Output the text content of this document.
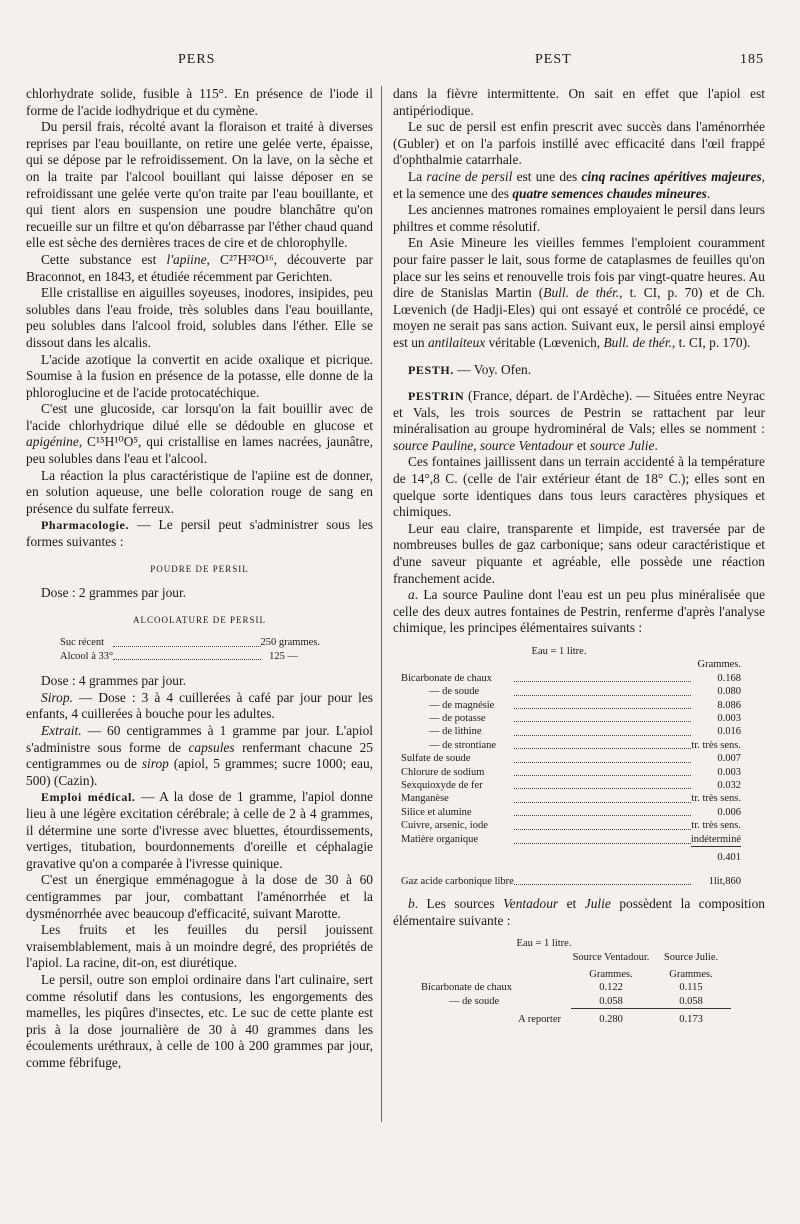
PERS	PEST	185

chlorhydrate solide, fusible à 115°. En présence de l'iode il forme de l'acide iodhydrique et du cymène.

Du persil frais, récolté avant la floraison et traité à diverses reprises par l'eau bouillante, on retire une gelée verte, épaisse, qui se dépose par le refroidissement. On la lave, on la sèche et on la traite par l'alcool bouillant qui laisse déposer en se refroidissant une gelée verte qu'on traite par l'eau bouillante, et qui tient alors en suspension une poudre blanchâtre qu'on recueille sur un filtre et qu'on débarrasse par l'éther chaud quand elle est sèche des dernières traces de cire et de chlorophylle.

Cette substance est l'apiine, C²⁷H³²O¹⁶, découverte par Braconnot, en 1843, et étudiée récemment par Gerichten.

Elle cristallise en aiguilles soyeuses, inodores, insipides, peu solubles dans l'eau froide, très solubles dans l'eau bouillante, peu solubles dans l'alcool froid, solubles dans l'éther. Elle se dissout dans les alcalis.

L'acide azotique la convertit en acide oxalique et picrique. Soumise à la fusion en présence de la potasse, elle donne de la phloroglucine et de l'acide protocatéchique.

C'est une glucoside, car lorsqu'on la fait bouillir avec de l'acide chlorhydrique dilué elle se dédouble en glucose et apigénine, C¹⁵H¹⁰O⁵, qui cristallise en lames nacrées, jaunâtre, peu solubles dans l'eau et l'alcool.

La réaction la plus caractéristique de l'apiine est de donner, en solution aqueuse, une belle coloration rouge de sang en présence du sulfate ferreux.

Pharmacologie. — Le persil peut s'administrer sous les formes suivantes :

POUDRE DE PERSIL

Dose : 2 grammes par jour.

ALCOOLATURE DE PERSIL
Suc récent		250 grammes.
Alcool à 33°		125 —

Dose : 4 grammes par jour.

Sirop. — Dose : 3 à 4 cuillerées à café par jour pour les enfants, 4 cuillerées à bouche pour les adultes.

Extrait. — 60 centigrammes à 1 gramme par jour. L'apiol s'administre sous forme de capsules renfermant chacune 25 centigrammes ou de sirop (apiol, 5 grammes; sucre 1000; eau, 500) (Cazin).

Emploi médical. — A la dose de 1 gramme, l'apiol donne lieu à une légère excitation cérébrale; à celle de 2 à 4 grammes, il détermine une sorte d'ivresse avec bluettes, étourdissements, vertiges, titubation, bourdonnements d'oreille et céphalagie gravative qu'on a comparée à l'ivresse quinique.

C'est un énergique emménagogue à la dose de 30 à 60 centigrammes par jour, combattant l'aménorrhée et la dysménorrhée avec beaucoup d'efficacité, suivant Marotte.

Les fruits et les feuilles du persil jouissent vraisemblablement, mais à un moindre degré, des propriétés de l'apiol. La racine, dit-on, est diurétique.

Le persil, outre son emploi ordinaire dans l'art culinaire, sert comme résolutif dans les contusions, les engorgements des mamelles, les piqûres d'insectes, etc. Le suc de cette plante est pris à la dose journalière de 30 à 40 grammes dans les écoulements uréthraux, à celle de 100 à 200 grammes par jour, comme fébrifuge,

dans la fièvre intermittente. On sait en effet que l'apiol est antipériodique.

Le suc de persil est enfin prescrit avec succès dans l'aménorrhée (Gubler) et on l'a parfois instillé avec efficacité dans l'œil frappé d'ophthalmie catarrhale.

La racine de persil est une des cinq racines apéritives majeures, et la semence une des quatre semences chaudes mineures.

Les anciennes matrones romaines employaient le persil dans leurs philtres et comme résolutif.

En Asie Mineure les vieilles femmes l'emploient couramment pour faire passer le lait, sous forme de cataplasmes de feuilles qu'on place sur les seins et renouvelle trois fois par vingt-quatre heures. Au dire de Stanislas Martin (Bull. de thér., t. CI, p. 70) et de Ch. Lœvenich (de Hadji-Eles) qui ont essayé et contrôlé ce procédé, ce moyen ne serait pas sans action. Suivant eux, le persil ainsi employé est un antilaiteux véritable (Lœvenich, Bull. de thér., t. CI, p. 170).

PESTH. — Voy. Ofen.

PESTRIN (France, départ. de l'Ardèche). — Situées entre Neyrac et Vals, les trois sources de Pestrin se rattachent par leur minéralisation au groupe hydrominéral de Vals; elles se nomment : source Pauline, source Ventadour et source Julie.

Ces fontaines jaillissent dans un terrain accidenté à la température de 14°,8 C. (celle de l'air extérieur étant de 18° C.); elles sont en quelque sorte identiques dans tous leurs caractères physiques et chimiques.

Leur eau claire, transparente et limpide, est traversée par de nombreuses bulles de gaz carbonique; sans odeur caractéristique et d'une saveur piquante et agréable, elle possède une réaction franchement acide.

a. La source Pauline dont l'eau est un peu plus minéralisée que celle des deux autres fontaines de Pestrin, renferme d'après l'analyse chimique, les principes élémentaires suivants :

Eau = 1 litre.
		Grammes.
Bicarbonate de chaux		0.168
— de soude		0.080
— de magnésie		8.086
— de potasse		0.003
— de lithine		0.016
— de strontiane		tr. très sens.
Sulfate de soude		0.007
Chlorure de sodium		0.003
Sexquioxyde de fer		0.032
Manganèse		tr. très sens.
Silice et alumine		0.006
Cuivre, arsenic, iode		tr. très sens.
Matière organique		indéterminé
		0.401

Gaz acide carbonique libre		1lit,860

b. Les sources Ventadour et Julie possèdent la composition élémentaire suivante :

Eau = 1 litre.
	Source Ventadour.	Source Julie.
	Grammes.	Grammes.
Bicarbonate de chaux	0.122	0.115
— de soude	0.058	0.058
A reporter	0.280	0.173
